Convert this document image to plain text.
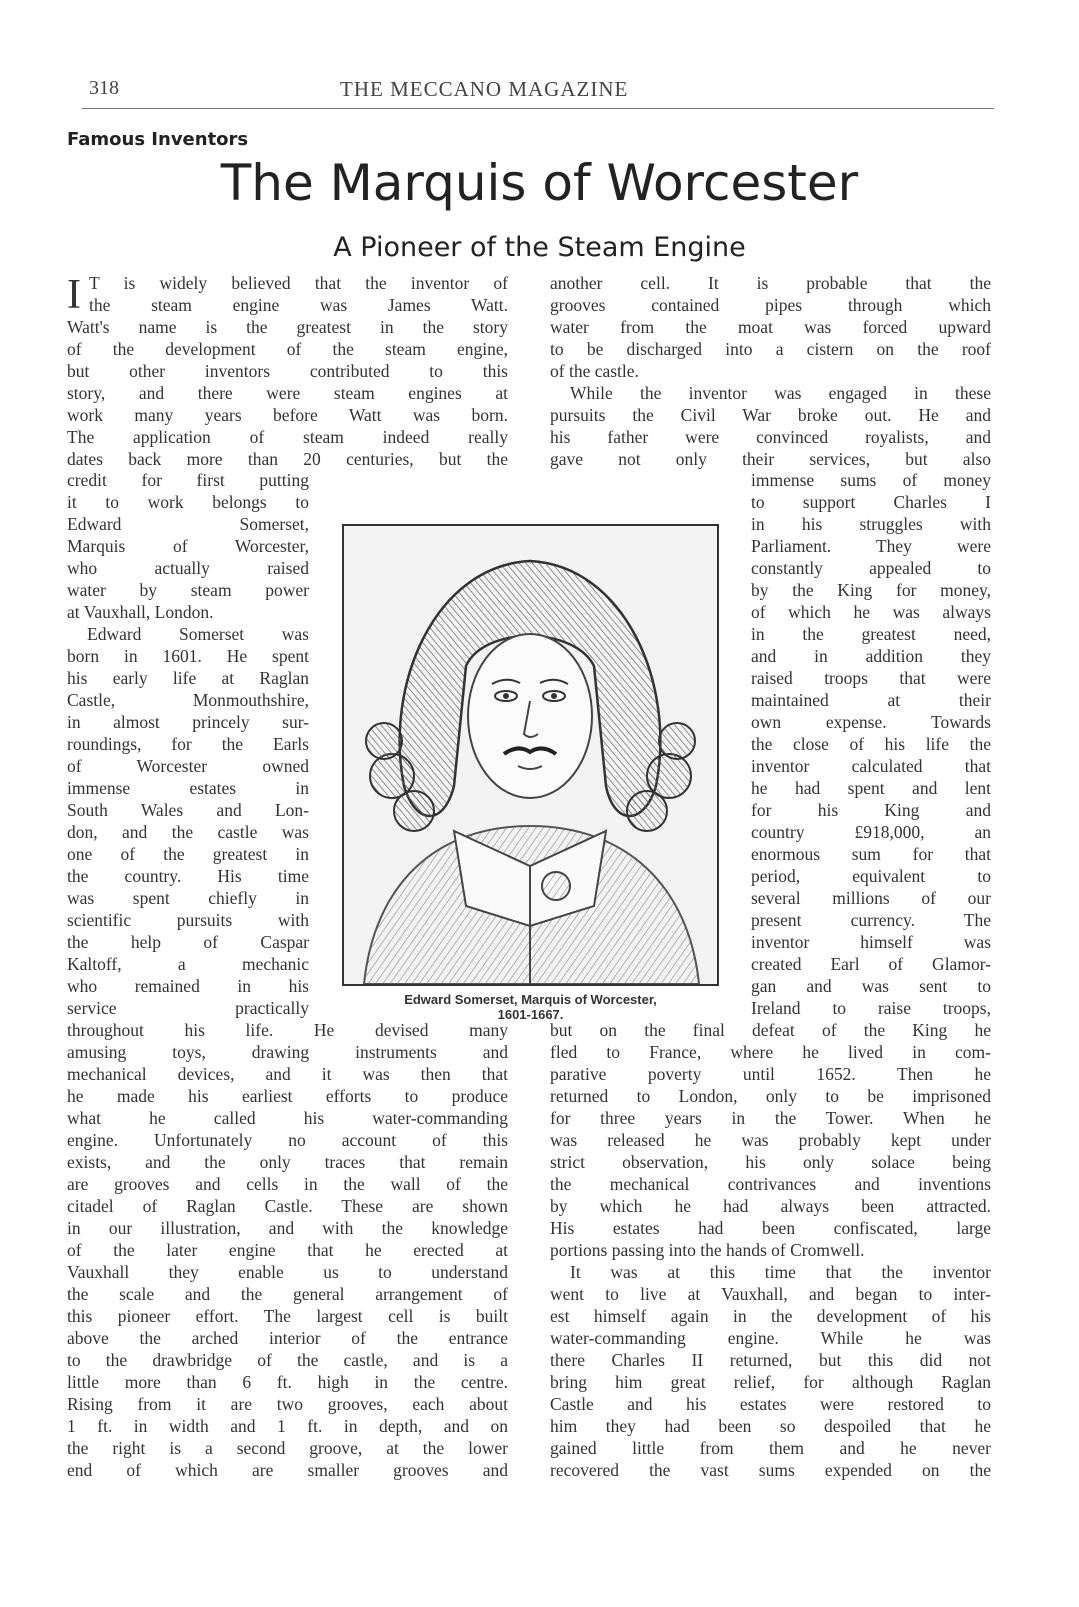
318	THE MECCANO MAGAZINE
Famous Inventors
The Marquis of Worcester
A Pioneer of the Steam Engine
I T is widely believed that the inventor of
the steam engine was James Watt.
Watt's name is the greatest in the story
of the development of the steam engine,
but other inventors contributed to this
story, and there were steam engines at
work many years before Watt was born.
The application of steam indeed really
dates back more than 20 centuries, but the
credit for first putting
it to work belongs to
Edward Somerset,
Marquis of Worcester,
who actually raised
water by steam power
at Vauxhall, London.
Edward Somerset was
born in 1601. He spent
his early life at Raglan
Castle, Monmouthshire,
in almost princely sur-
roundings, for the Earls
of Worcester owned
immense estates in
South Wales and Lon-
don, and the castle was
one of the greatest in
the country. His time
was spent chiefly in
scientific pursuits with
the help of Caspar
Kaltoff, a mechanic
who remained in his
service practically
throughout his life. He devised many
amusing toys, drawing instruments and
mechanical devices, and it was then that
he made his earliest efforts to produce
what he called his water-commanding
engine. Unfortunately no account of this
exists, and the only traces that remain
are grooves and cells in the wall of the
citadel of Raglan Castle. These are shown
in our illustration, and with the knowledge
of the later engine that he erected at
Vauxhall they enable us to understand
the scale and the general arrangement of
this pioneer effort. The largest cell is built
above the arched interior of the entrance
to the drawbridge of the castle, and is a
little more than 6 ft. high in the centre.
Rising from it are two grooves, each about
1 ft. in width and 1 ft. in depth, and on
the right is a second groove, at the lower
end of which are smaller grooves and
another cell. It is probable that the
grooves contained pipes through which
water from the moat was forced upward
to be discharged into a cistern on the roof
of the castle.
While the inventor was engaged in these
pursuits the Civil War broke out. He and
his father were convinced royalists, and
gave not only their services, but also
immense sums of money
to support Charles I
in his struggles with
Parliament. They were
constantly appealed to
by the King for money,
of which he was always
in the greatest need,
and in addition they
raised troops that were
maintained at their
own expense. Towards
the close of his life the
inventor calculated that
he had spent and lent
for his King and
country £918,000, an
enormous sum for that
period, equivalent to
several millions of our
present currency. The
inventor himself was
created Earl of Glamor-
gan and was sent to
Ireland to raise troops,
but on the final defeat of the King he
fled to France, where he lived in com-
parative poverty until 1652. Then he
returned to London, only to be imprisoned
for three years in the Tower. When he
was released he was probably kept under
strict observation, his only solace being
the mechanical contrivances and inventions
by which he had always been attracted.
His estates had been confiscated, large
portions passing into the hands of Cromwell.
It was at this time that the inventor
went to live at Vauxhall, and began to inter-
est himself again in the development of his
water-commanding engine. While he was
there Charles II returned, but this did not
bring him great relief, for although Raglan
Castle and his estates were restored to
him they had been so despoiled that he
gained little from them and he never
recovered the vast sums expended on the
Edward Somerset, Marquis of Worcester,
1601-1667.
